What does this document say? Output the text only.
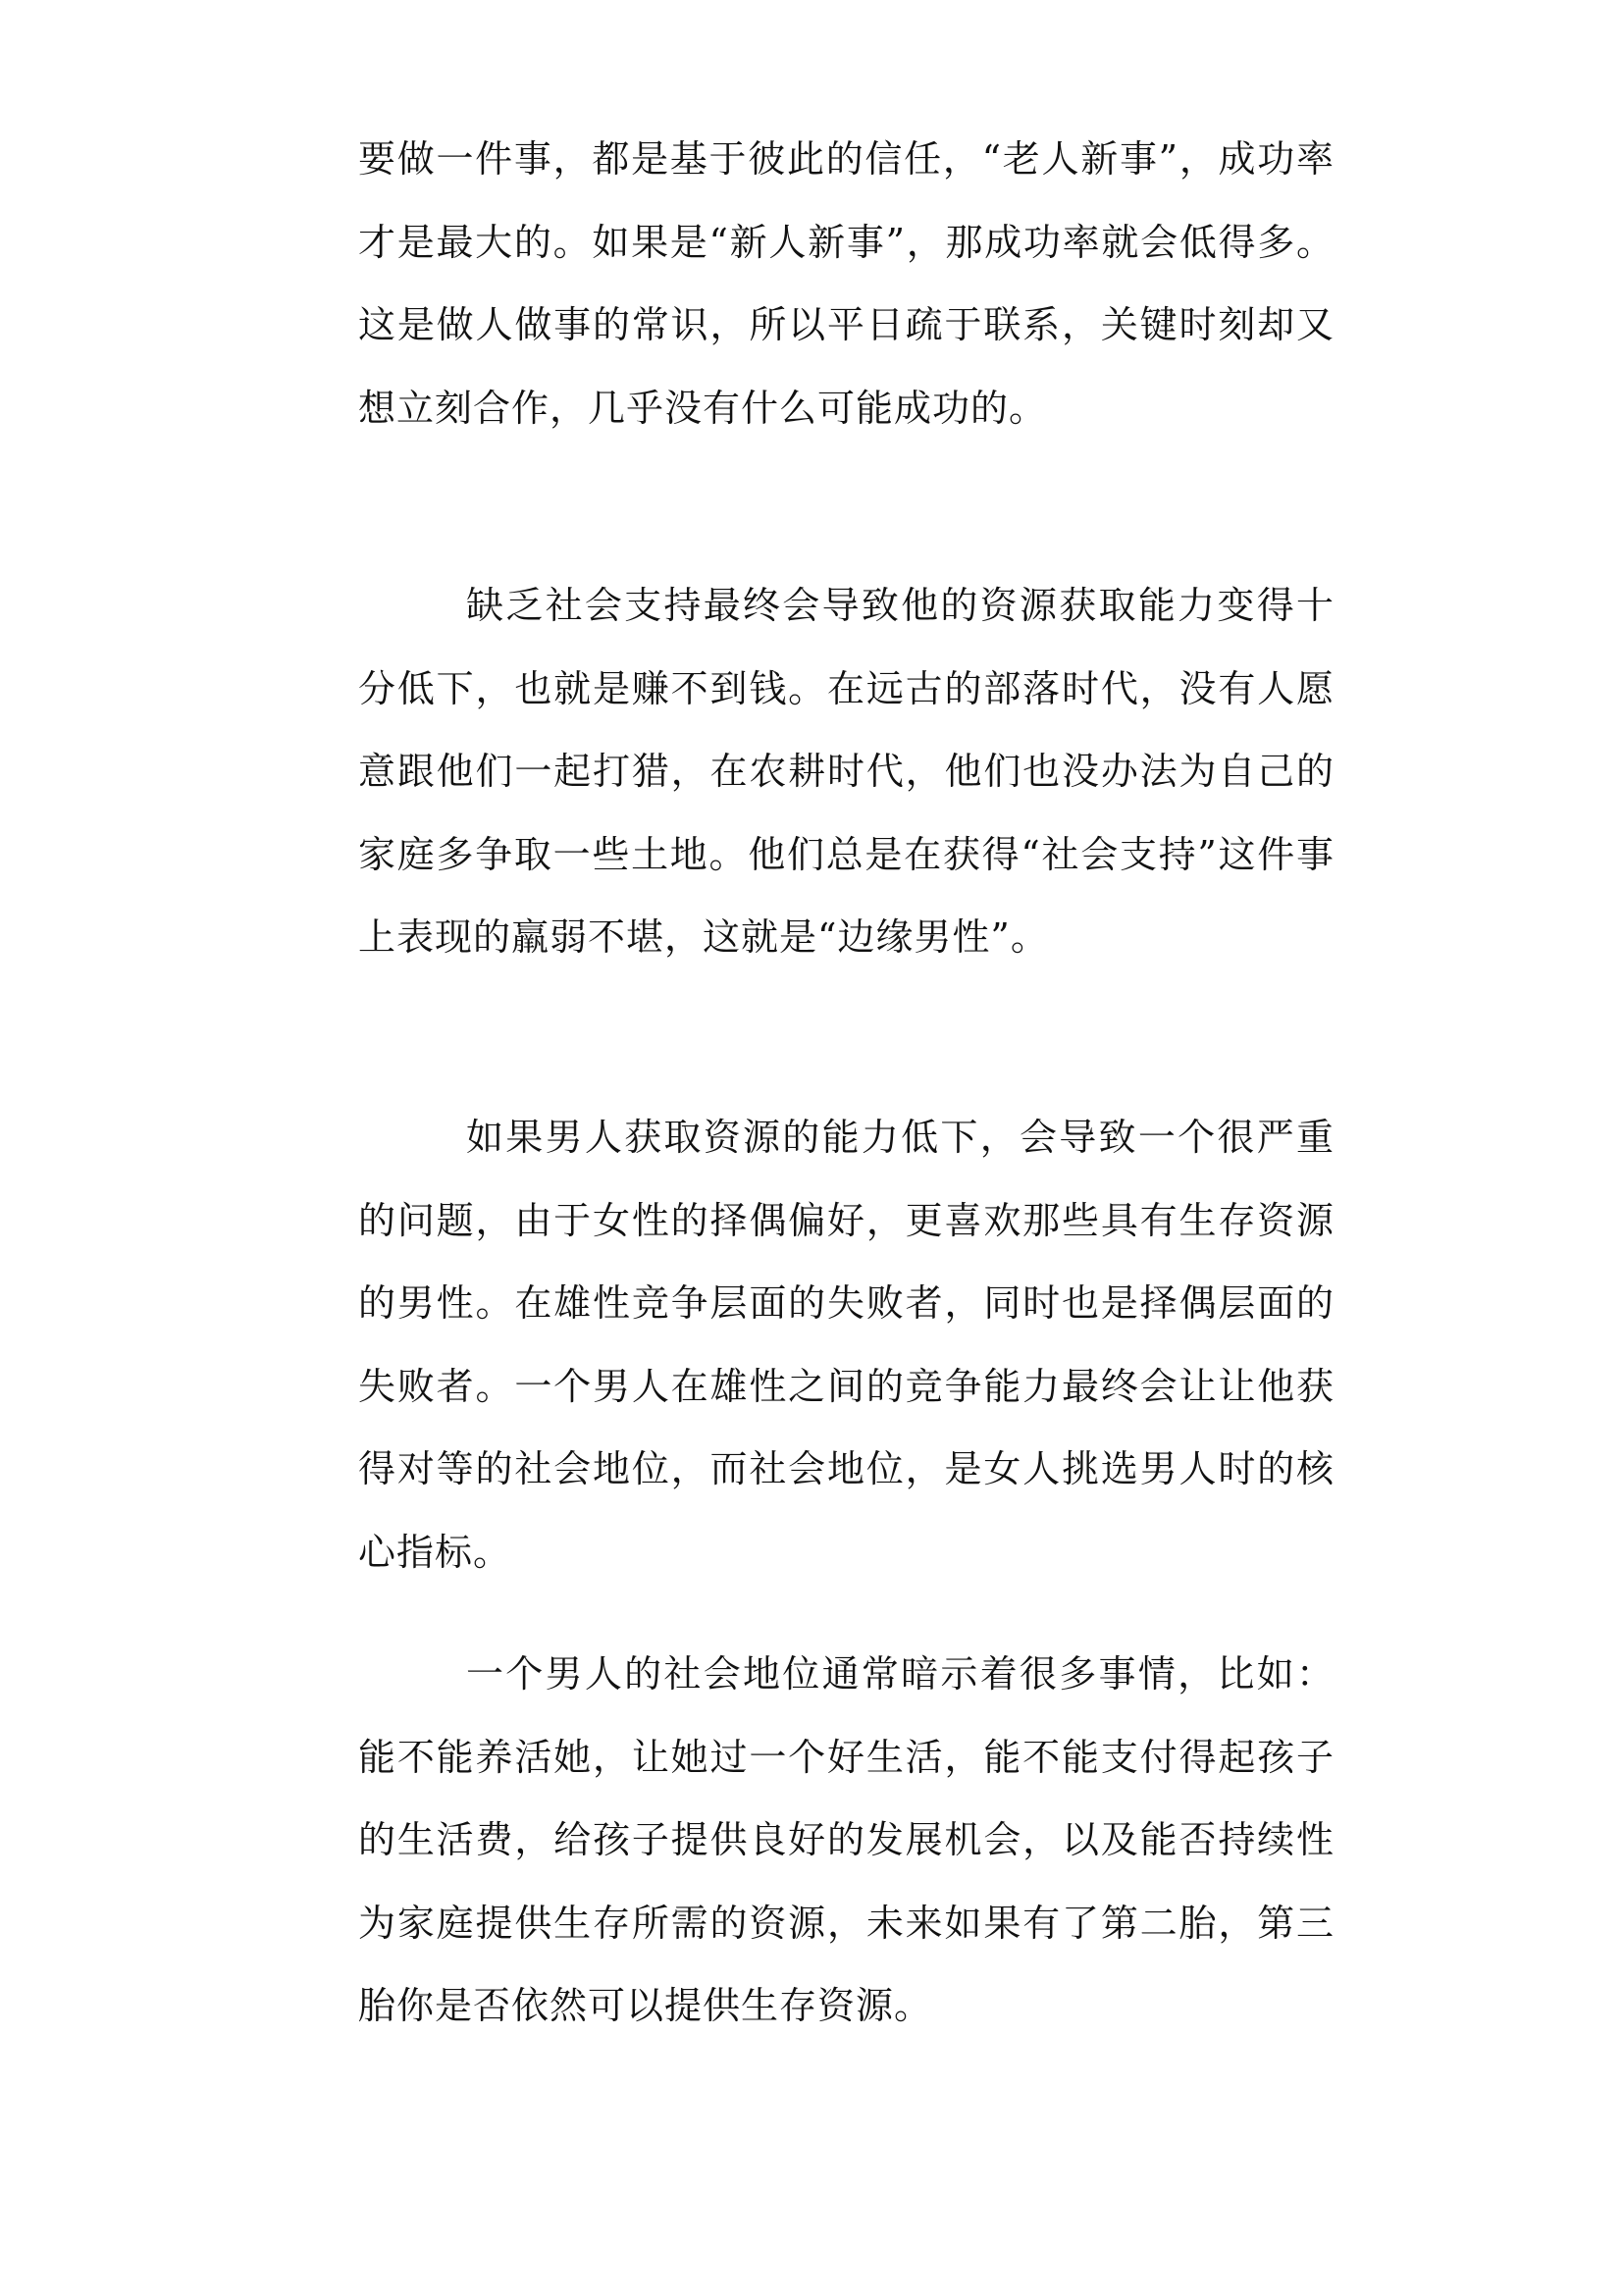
要做一件事，都是基于彼此的信任，“老人新事”，成功率才是最大的。如果是“新人新事”，那成功率就会低得多。这是做人做事的常识，所以平日疏于联系，关键时刻却又想立刻合作，几乎没有什么可能成功的。

缺乏社会支持最终会导致他的资源获取能力变得十分低下，也就是赚不到钱。在远古的部落时代，没有人愿意跟他们一起打猎，在农耕时代，他们也没办法为自己的家庭多争取一些土地。他们总是在获得“社会支持”这件事上表现的羸弱不堪，这就是“边缘男性”。

如果男人获取资源的能力低下，会导致一个很严重的问题，由于女性的择偶偏好，更喜欢那些具有生存资源的男性。在雄性竞争层面的失败者，同时也是择偶层面的失败者。一个男人在雄性之间的竞争能力最终会让让他获得对等的社会地位，而社会地位，是女人挑选男人时的核心指标。

一个男人的社会地位通常暗示着很多事情，比如：能不能养活她，让她过一个好生活，能不能支付得起孩子的生活费，给孩子提供良好的发展机会，以及能否持续性为家庭提供生存所需的资源，未来如果有了第二胎，第三胎你是否依然可以提供生存资源。
